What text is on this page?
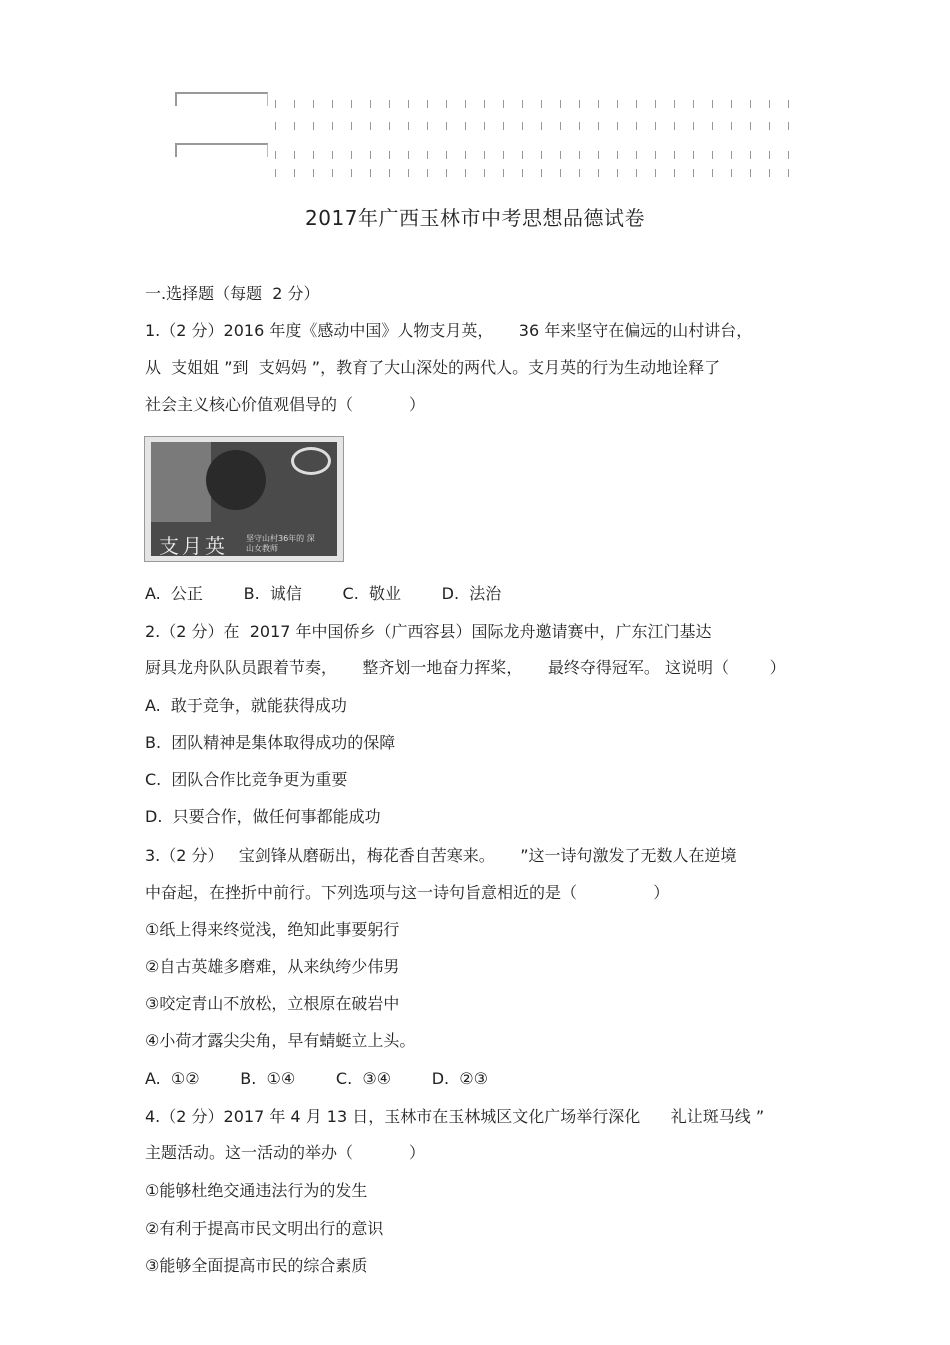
2017年广西玉林市中考思想品德试卷
一.选择题（每题  2 分）
1.（2 分）2016 年度《感动中国》人物支月英，     36 年来坚守在偏远的山村讲台，
从  支姐姐 ”到  支妈妈 ”，教育了大山深处的两代人。支月英的行为生动地诠释了
社会主义核心价值观倡导的（           ）
支月英 坚守山村36年的 深山女教师
A.  公正        B.  诚信        C.  敬业        D.  法治
2.（2 分）在  2017 年中国侨乡（广西容县）国际龙舟邀请赛中，广东江门基达
厨具龙舟队队员跟着节奏，     整齐划一地奋力挥桨，     最终夺得冠军。 这说明（        ）
A.  敢于竞争，就能获得成功
B.  团队精神是集体取得成功的保障
C.  团队合作比竞争更为重要
D.  只要合作，做任何事都能成功
3.（2 分）   宝剑锋从磨砺出，梅花香自苦寒来。     ”这一诗句激发了无数人在逆境
中奋起，在挫折中前行。下列选项与这一诗句旨意相近的是（               ）
①纸上得来终觉浅，绝知此事要躬行
②自古英雄多磨难，从来纨绔少伟男
③咬定青山不放松，立根原在破岩中
④小荷才露尖尖角，早有蜻蜓立上头。
A.  ①②        B.  ①④        C.  ③④        D.  ②③
4.（2 分）2017 年 4 月 13 日，玉林市在玉林城区文化广场举行深化      礼让斑马线 ”
主题活动。这一活动的举办（           ）
①能够杜绝交通违法行为的发生
②有利于提高市民文明出行的意识
③能够全面提高市民的综合素质
